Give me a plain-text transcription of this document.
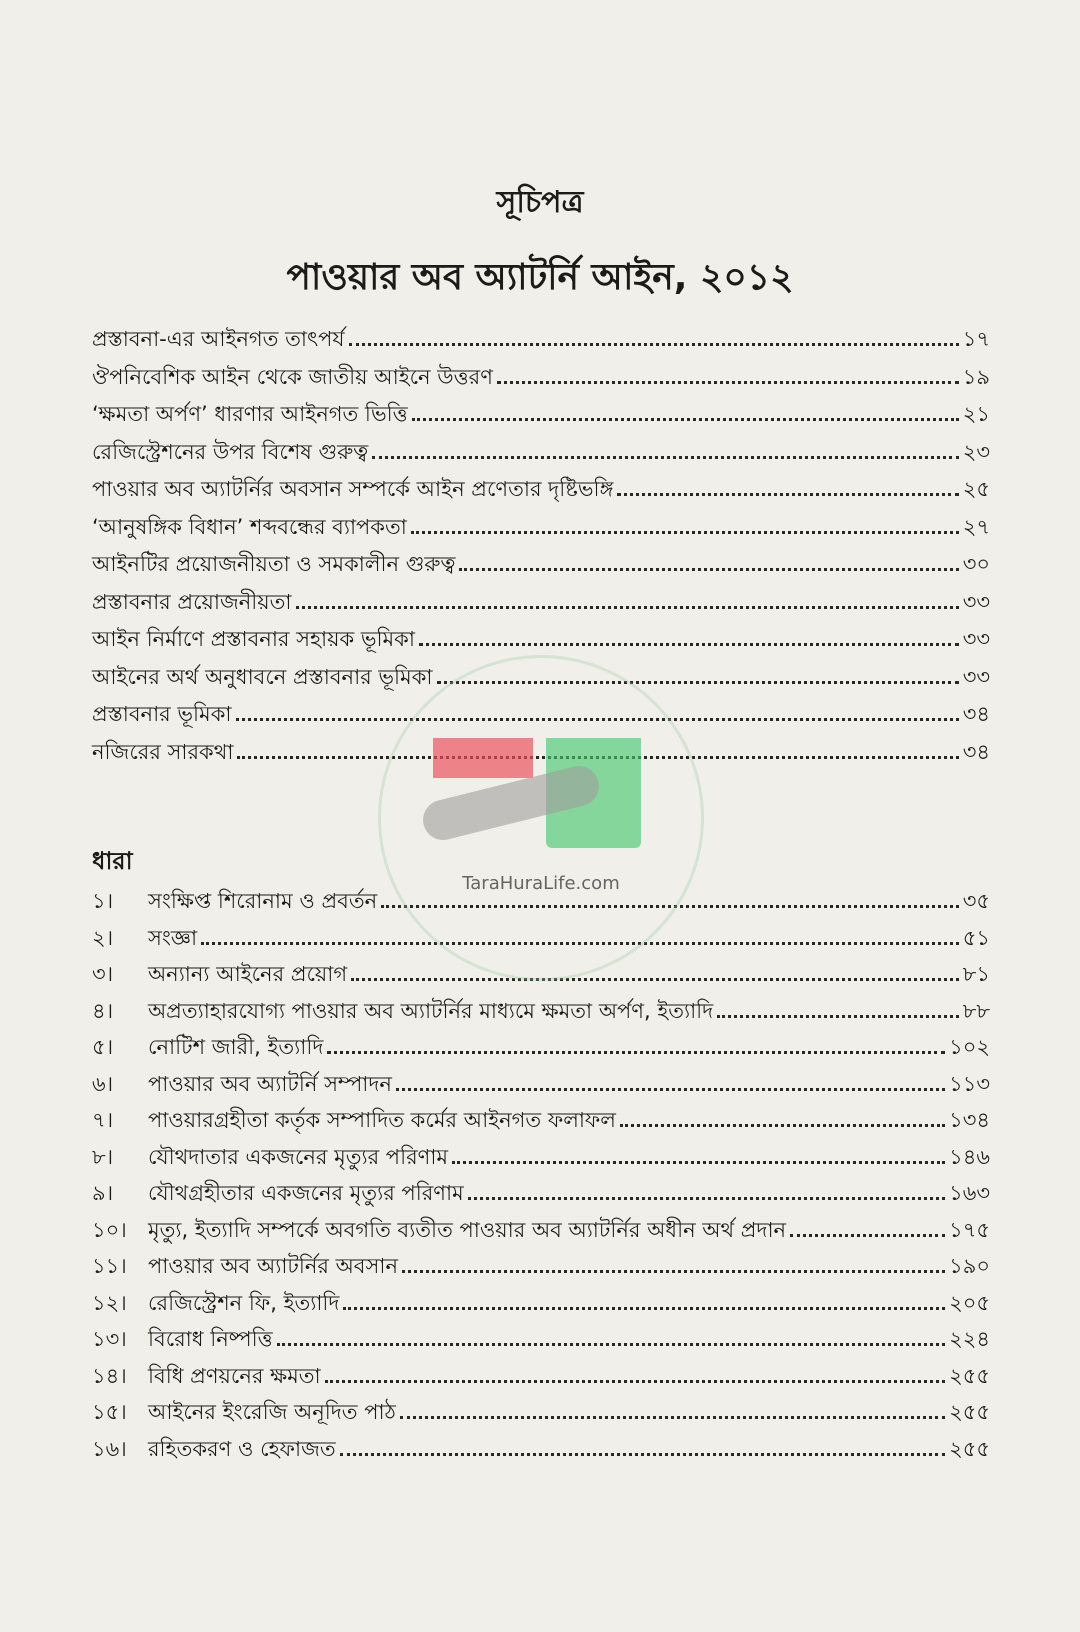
সূচিপত্র
পাওয়ার অব অ্যাটর্নি আইন, ২০১২
প্রস্তাবনা-এর আইনগত তাৎপর্য	১৭
ঔপনিবেশিক আইন থেকে জাতীয় আইনে উত্তরণ	১৯
‘ক্ষমতা অর্পণ’ ধারণার আইনগত ভিত্তি	২১
রেজিস্ট্রেশনের উপর বিশেষ গুরুত্ব	২৩
পাওয়ার অব অ্যাটর্নির অবসান সম্পর্কে আইন প্রণেতার দৃষ্টিভঙ্গি	২৫
‘আনুষঙ্গিক বিধান’ শব্দবন্ধের ব্যাপকতা	২৭
আইনটির প্রয়োজনীয়তা ও সমকালীন গুরুত্ব	৩০
প্রস্তাবনার প্রয়োজনীয়তা	৩৩
আইন নির্মাণে প্রস্তাবনার সহায়ক ভূমিকা	৩৩
আইনের অর্থ অনুধাবনে প্রস্তাবনার ভূমিকা	৩৩
প্রস্তাবনার ভূমিকা	৩৪
নজিরের সারকথা	৩৪
ধারা
১।	সংক্ষিপ্ত শিরোনাম ও প্রবর্তন	৩৫
২।	সংজ্ঞা	৫১
৩।	অন্যান্য আইনের প্রয়োগ	৮১
৪।	অপ্রত্যাহারযোগ্য পাওয়ার অব অ্যাটর্নির মাধ্যমে ক্ষমতা অর্পণ, ইত্যাদি	৮৮
৫।	নোটিশ জারী, ইত্যাদি	১০২
৬।	পাওয়ার অব অ্যাটর্নি সম্পাদন	১১৩
৭।	পাওয়ারগ্রহীতা কর্তৃক সম্পাদিত কর্মের আইনগত ফলাফল	১৩৪
৮।	যৌথদাতার একজনের মৃত্যুর পরিণাম	১৪৬
৯।	যৌথগ্রহীতার একজনের মৃত্যুর পরিণাম	১৬৩
১০।	মৃত্যু, ইত্যাদি সম্পর্কে অবগতি ব্যতীত পাওয়ার অব অ্যাটর্নির অধীন অর্থ প্রদান	১৭৫
১১।	পাওয়ার অব অ্যাটর্নির অবসান	১৯০
১২।	রেজিস্ট্রেশন ফি, ইত্যাদি	২০৫
১৩।	বিরোধ নিষ্পত্তি	২২৪
১৪।	বিধি প্রণয়নের ক্ষমতা	২৫৫
১৫।	আইনের ইংরেজি অনূদিত পাঠ	২৫৫
১৬।	রহিতকরণ ও হেফাজত	২৫৫
TaraHuraLife.com
